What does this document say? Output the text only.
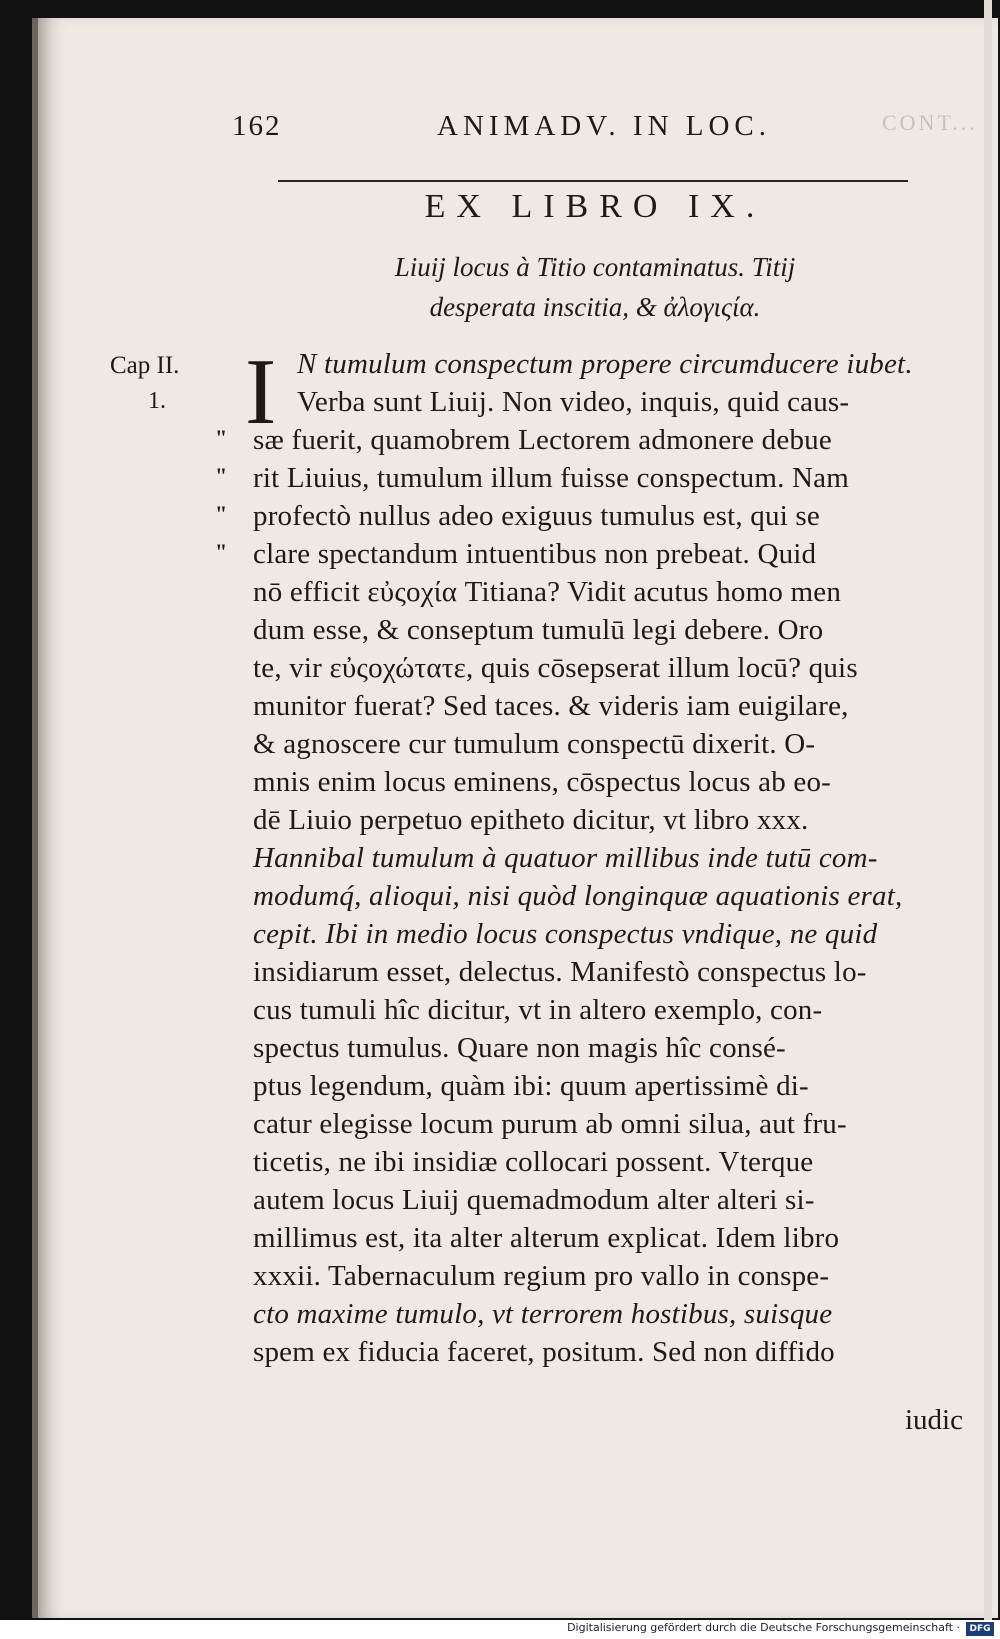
162	ANIMADV. IN LOC.	CONT...
EX LIBRO IX.
Liuij locus à Titio contaminatus. Titij
desperata inscitia, & ἀλογιςία.
Cap II.
1.
"
"
"
"
I N tumulum conspectum propere circumducere iubet.
Verba sunt Liuij. Non video, inquis, quid caus-
sæ fuerit, quamobrem Lectorem admonere debue
rit Liuius, tumulum illum fuisse conspectum. Nam
profectò nullus adeo exiguus tumulus est, qui se
clare spectandum intuentibus non prebeat. Quid
nō efficit εὐςοχία Titiana? Vidit acutus homo men
dum esse, & conseptum tumulū legi debere. Oro
te, vir εὐςοχώτατε, quis cōsepserat illum locū? quis
munitor fuerat? Sed taces. & videris iam euigilare,
& agnoscere cur tumulum conspectū dixerit. O-
mnis enim locus eminens, cōspectus locus ab eo-
dē Liuio perpetuo epitheto dicitur, vt libro xxx.
Hannibal tumulum à quatuor millibus inde tutū com-
modumq́, alioqui, nisi quòd longinquæ aquationis erat,
cepit. Ibi in medio locus conspectus vndique, ne quid
insidiarum esset, delectus. Manifestò conspectus lo-
cus tumuli hîc dicitur, vt in altero exemplo, con-
spectus tumulus. Quare non magis hîc consé-
ptus legendum, quàm ibi: quum apertissimè di-
catur elegisse locum purum ab omni silua, aut fru-
ticetis, ne ibi insidiæ collocari possent. Vterque
autem locus Liuij quemadmodum alter alteri si-
millimus est, ita alter alterum explicat. Idem libro
xxxii. Tabernaculum regium pro vallo in conspe-
cto maxime tumulo, vt terrorem hostibus, suisque
spem ex fiducia faceret, positum. Sed non diffido
iudic
Digitalisierung gefördert durch die Deutsche Forschungsgemeinschaft ·	DFG
